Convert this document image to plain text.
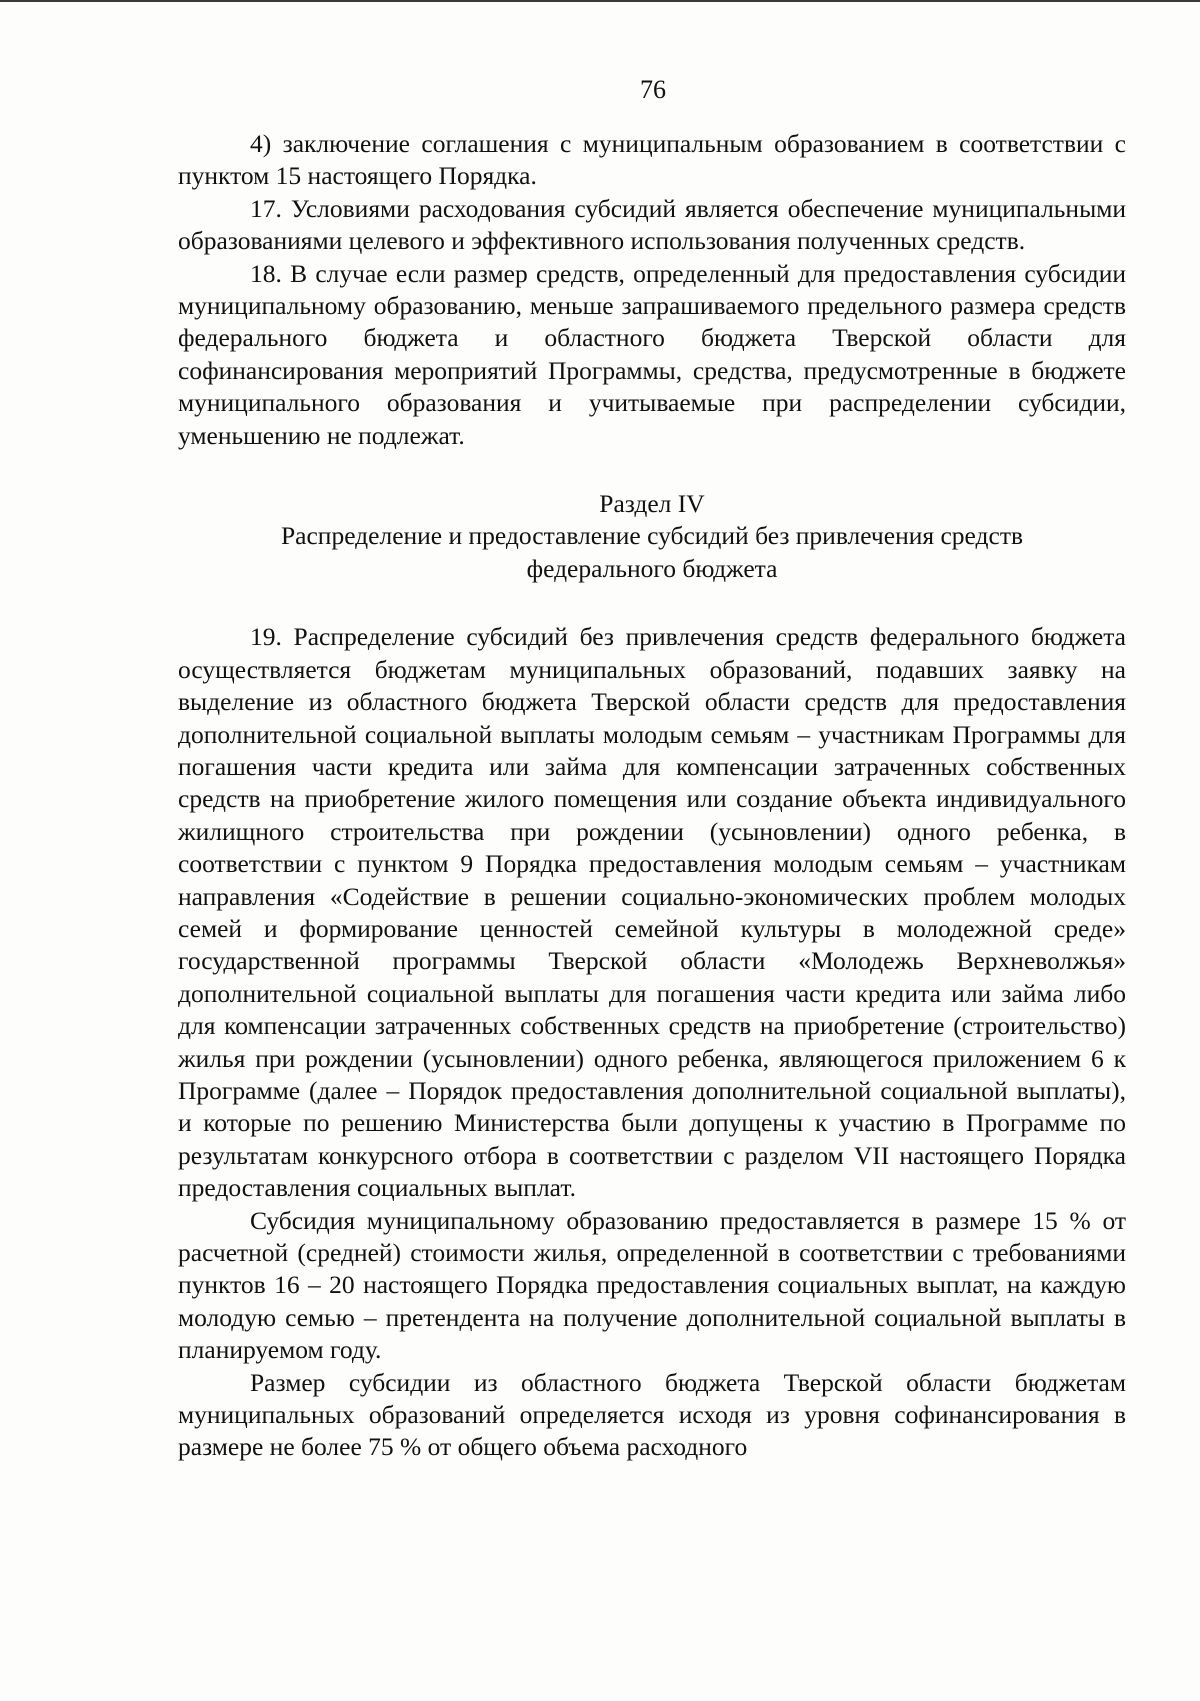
76

4) заключение соглашения с муниципальным образованием в соответствии с пунктом 15 настоящего Порядка.

17. Условиями расходования субсидий является обеспечение муниципальными образованиями целевого и эффективного использования полученных средств.

18. В случае если размер средств, определенный для предоставления субсидии муниципальному образованию, меньше запрашиваемого предельного размера средств федерального бюджета и областного бюджета Тверской области для софинансирования мероприятий Программы, средства, предусмотренные в бюджете муниципального образования и учитываемые при распределении субсидии, уменьшению не подлежат.

Раздел IV
Распределение и предоставление субсидий без привлечения средств
федерального бюджета

19. Распределение субсидий без привлечения средств федерального бюджета осуществляется бюджетам муниципальных образований, подавших заявку на выделение из областного бюджета Тверской области средств для предоставления дополнительной социальной выплаты молодым семьям – участникам Программы для погашения части кредита или займа для компенсации затраченных собственных средств на приобретение жилого помещения или создание объекта индивидуального жилищного строительства при рождении (усыновлении) одного ребенка, в соответствии с пунктом 9 Порядка предоставления молодым семьям – участникам направления «Содействие в решении социально-экономических проблем молодых семей и формирование ценностей семейной культуры в молодежной среде» государственной программы Тверской области «Молодежь Верхневолжья» дополнительной социальной выплаты для погашения части кредита или займа либо для компенсации затраченных собственных средств на приобретение (строительство) жилья при рождении (усыновлении) одного ребенка, являющегося приложением 6 к Программе (далее – Порядок предоставления дополнительной социальной выплаты), и которые по решению Министерства были допущены к участию в Программе по результатам конкурсного отбора в соответствии с разделом VII настоящего Порядка предоставления социальных выплат.

Субсидия муниципальному образованию предоставляется в размере 15 % от расчетной (средней) стоимости жилья, определенной в соответствии с требованиями пунктов 16 – 20 настоящего Порядка предоставления социальных выплат, на каждую молодую семью – претендента на получение дополнительной социальной выплаты в планируемом году.

Размер субсидии из областного бюджета Тверской области бюджетам муниципальных образований определяется исходя из уровня софинансирования в размере не более 75 % от общего объема расходного
